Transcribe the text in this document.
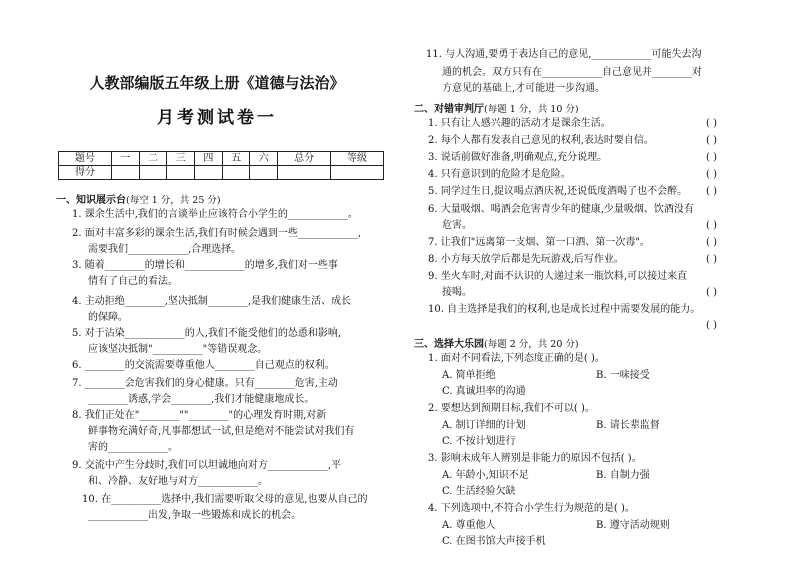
人教部编版五年级上册《道德与法治》
月考测试卷一
题号	一	二	三	四	五	六	总分	等级
得分								
一、知识展示台(每空 1 分，共 25 分)
1. 课余生活中,我们的言谈举止应该符合小学生的____________。
2. 面对丰富多彩的课余生活,我们有时候会遇到一些____________,
需要我们____________,合理选择。
3. 随着________的增长和____________的增多,我们对一些事
情有了自己的看法。
4. 主动拒绝________,坚决抵制________,是我们健康生活、成长
的保障。
5. 对于沾染____________的人,我们不能受他们的怂恿和影响,
应该坚决抵制"__________"等错误观念。
6. ________的交流需要尊重他人________自己观点的权利。
7. ________会危害我们的身心健康。只有________危害,主动
________诱惑,学会________,我们才能健康地成长。
8. 我们正处在"________""________"的心理发育时期,对新
鲜事物充满好奇,凡事都想试一试,但是绝对不能尝试对我们有
害的____________。
9. 交流中产生分歧时,我们可以坦诚地向对方____________,平
和、冷静、友好地与对方____________。
10. 在__________选择中,我们需要听取父母的意见,也要从自己的
____________出发,争取一些锻炼和成长的机会。
11. 与人沟通,要勇于表达自己的意见,____________可能失去沟
通的机会。双方只有在____________自己意见并________对
方意见的基础上,才可能进一步沟通。
二、对错审判厅(每题 1 分，共 10 分)
1. 只有让人感兴趣的活动才是课余生活。	( )
2. 每个人都有发表自己意见的权利,表达时要自信。	( )
3. 说话前做好准备,明确观点,充分说理。	( )
4. 只有意识到的危险才是危险。	( )
5. 同学过生日,提议喝点酒庆祝,还说低度酒喝了也不会醉。 ( )
6. 大量吸烟、喝酒会危害青少年的健康,少量吸烟、饮酒没有
危害。	( )
7. 让我们"远离第一支烟、第一口酒、第一次毒"。	( )
8. 小方每天放学后都是先玩游戏,后写作业。	( )
9. 坐火车时,对面不认识的人递过来一瓶饮料,可以接过来直
接喝。	( )
10. 自主选择是我们的权利,也是成长过程中需要发展的能力。
( )
三、选择大乐园(每题 2 分，共 20 分)
1. 面对不同看法,下列态度正确的是( )。
A. 简单拒绝	B. 一味接受
C. 真诚坦率的沟通
2. 要想达到预期目标,我们不可以( )。
A. 制订详细的计划	B. 请长辈监督
C. 不按计划进行
3. 影响未成年人辨别是非能力的原因不包括( )。
A. 年龄小,知识不足	B. 自制力强
C. 生活经验欠缺
4. 下列选项中,不符合小学生行为规范的是( )。
A. 尊重他人	B. 遵守活动规则
C. 在图书馆大声接手机
